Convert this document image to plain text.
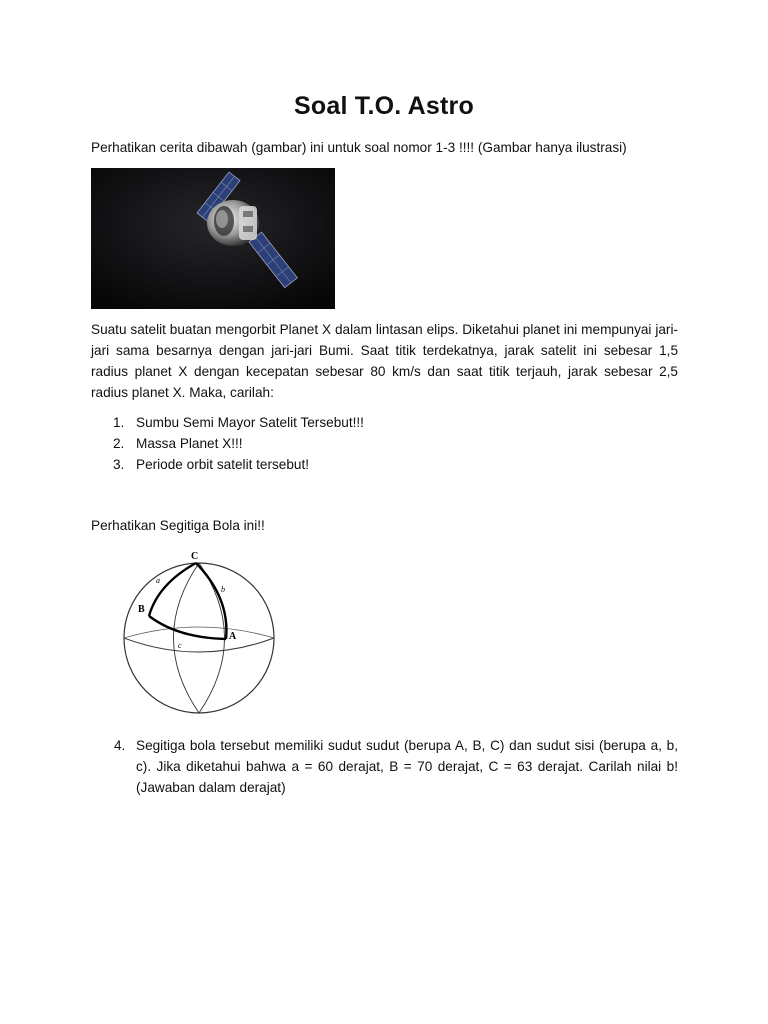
Soal T.O. Astro
Perhatikan cerita dibawah (gambar) ini untuk soal nomor 1-3 !!!! (Gambar hanya ilustrasi)
Suatu satelit buatan mengorbit Planet X dalam lintasan elips. Diketahui planet ini mempunyai jari-jari sama besarnya dengan jari-jari Bumi. Saat titik terdekatnya, jarak satelit ini sebesar 1,5 radius planet X dengan kecepatan sebesar 80 km/s dan saat titik terjauh, jarak sebesar 2,5 radius planet X. Maka, carilah:
1. Sumbu Semi Mayor Satelit Tersebut!!!
2. Massa Planet X!!!
3. Periode orbit satelit tersebut!
Perhatikan Segitiga Bola ini!!
C
B
A
a
b
c
4. Segitiga bola tersebut memiliki sudut sudut (berupa A, B, C) dan sudut sisi (berupa a, b, c). Jika diketahui bahwa a = 60 derajat, B = 70 derajat, C = 63 derajat. Carilah nilai b! (Jawaban dalam derajat)
